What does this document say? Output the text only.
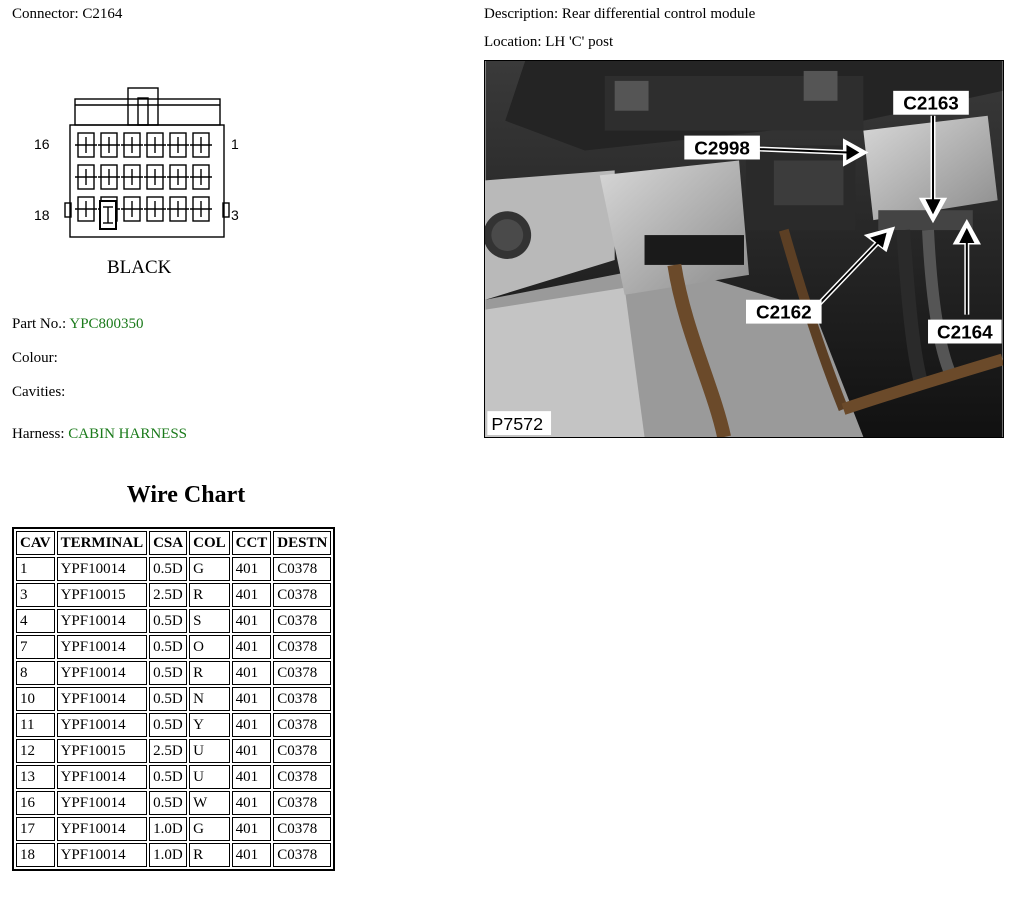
Connector: C2164	Description: Rear differential control module
Location: LH 'C' post
16	1
18	3
BLACK
Part No.: YPC800350
Colour:
Cavities:
Harness: CABIN HARNESS
C2163
C2998
C2162
C2164
P7572
Wire Chart
CAV	TERMINAL	CSA	COL	CCT	DESTN
1	YPF10014	0.5D	G	401	C0378
3	YPF10015	2.5D	R	401	C0378
4	YPF10014	0.5D	S	401	C0378
7	YPF10014	0.5D	O	401	C0378
8	YPF10014	0.5D	R	401	C0378
10	YPF10014	0.5D	N	401	C0378
11	YPF10014	0.5D	Y	401	C0378
12	YPF10015	2.5D	U	401	C0378
13	YPF10014	0.5D	U	401	C0378
16	YPF10014	0.5D	W	401	C0378
17	YPF10014	1.0D	G	401	C0378
18	YPF10014	1.0D	R	401	C0378
